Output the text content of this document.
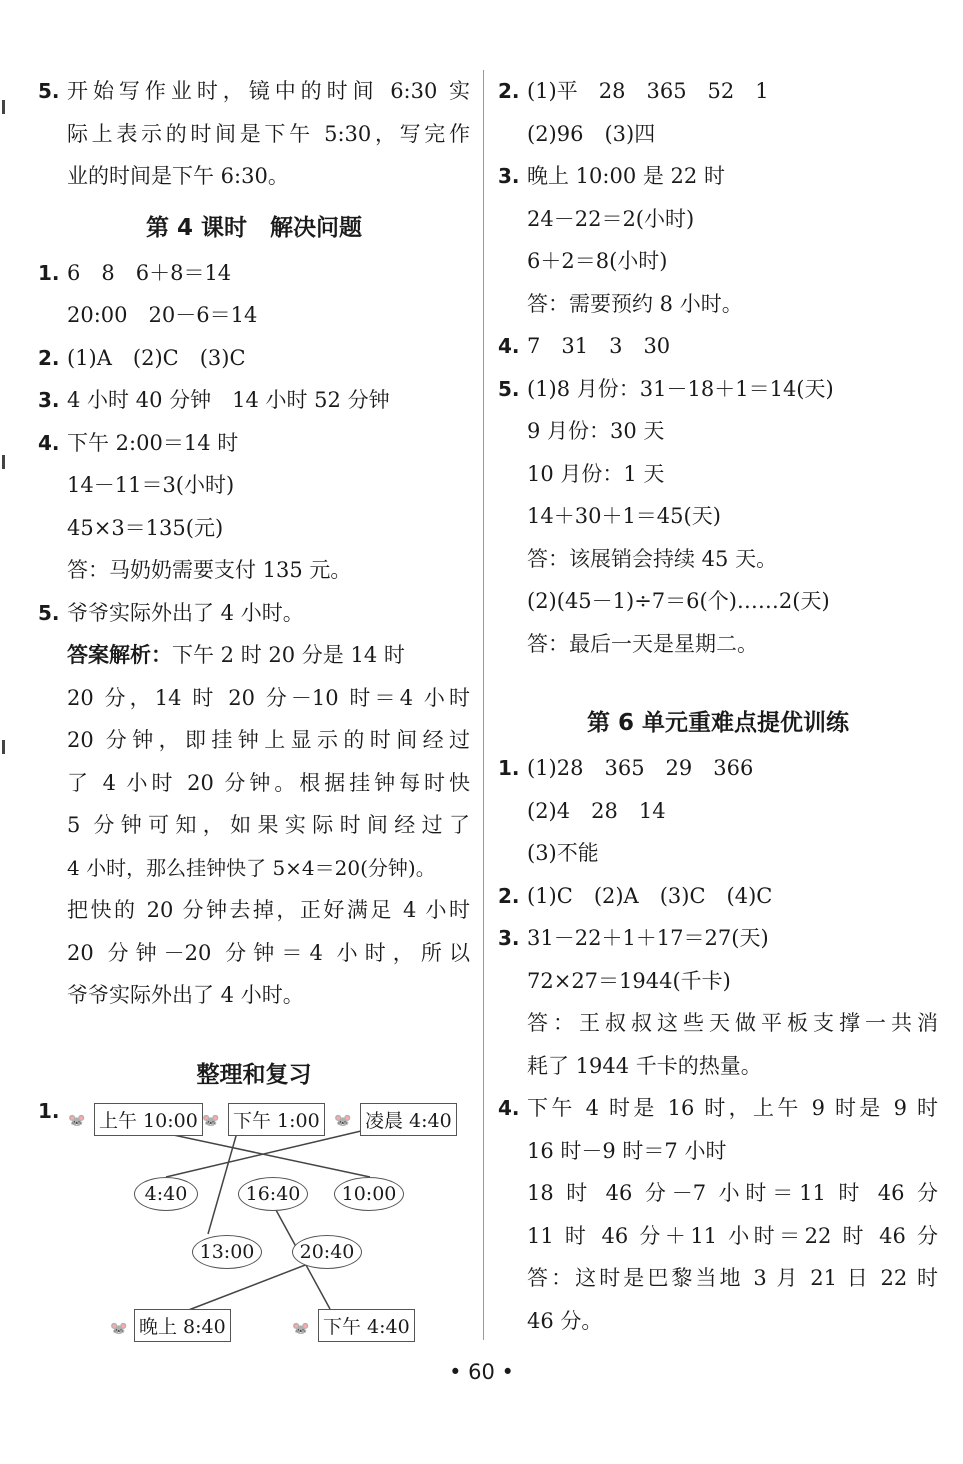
5. 开始写作业时，镜中的时间 6:30 实
际上表示的时间是下午 5:30，写完作
业的时间是下午 6:30。
第 4 课时　解决问题
1. 6　8　6＋8＝14
20:00　20－6＝14
2. (1)A　(2)C　(3)C
3. 4 小时 40 分钟　14 小时 52 分钟
4. 下午 2:00＝14 时
14－11＝3(小时)
45×3＝135(元)
答：马奶奶需要支付 135 元。
5. 爷爷实际外出了 4 小时。
答案解析：下午 2 时 20 分是 14 时
20 分，14 时 20 分－10 时＝4 小时
20 分钟，即挂钟上显示的时间经过
了 4 小时 20 分钟。根据挂钟每时快
5 分钟可知，如果实际时间经过了
4 小时，那么挂钟快了 5×4＝20(分钟)。
把快的 20 分钟去掉，正好满足 4 小时
20 分钟－20 分钟＝4 小时，所以
爷爷实际外出了 4 小时。
整理和复习
1. 🐭 上午 10:00 🐭 下午 1:00	🐭 凌晨 4:40
4:40	16:40	10:00
13:00	20:40
🐭 晚上 8:40	🐭 下午 4:40
2. (1)平　28　365　52　1
(2)96　(3)四
3. 晚上 10:00 是 22 时
24－22＝2(小时)
6＋2＝8(小时)
答：需要预约 8 小时。
4. 7　31　3　30
5. (1)8 月份：31－18＋1＝14(天)
9 月份：30 天
10 月份：1 天
14＋30＋1＝45(天)
答：该展销会持续 45 天。
(2)(45－1)÷7＝6(个)……2(天)
答：最后一天是星期二。
第 6 单元重难点提优训练
1. (1)28　365　29　366
(2)4　28　14
(3)不能
2. (1)C　(2)A　(3)C　(4)C
3. 31－22＋1＋17＝27(天)
72×27＝1944(千卡)
答：王叔叔这些天做平板支撑一共消
耗了 1944 千卡的热量。
4. 下午 4 时是 16 时，上午 9 时是 9 时
16 时－9 时＝7 小时
18 时 46 分－7 小时＝11 时 46 分
11 时 46 分＋11 小时＝22 时 46 分
答：这时是巴黎当地 3 月 21 日 22 时
46 分。
• 60 •
